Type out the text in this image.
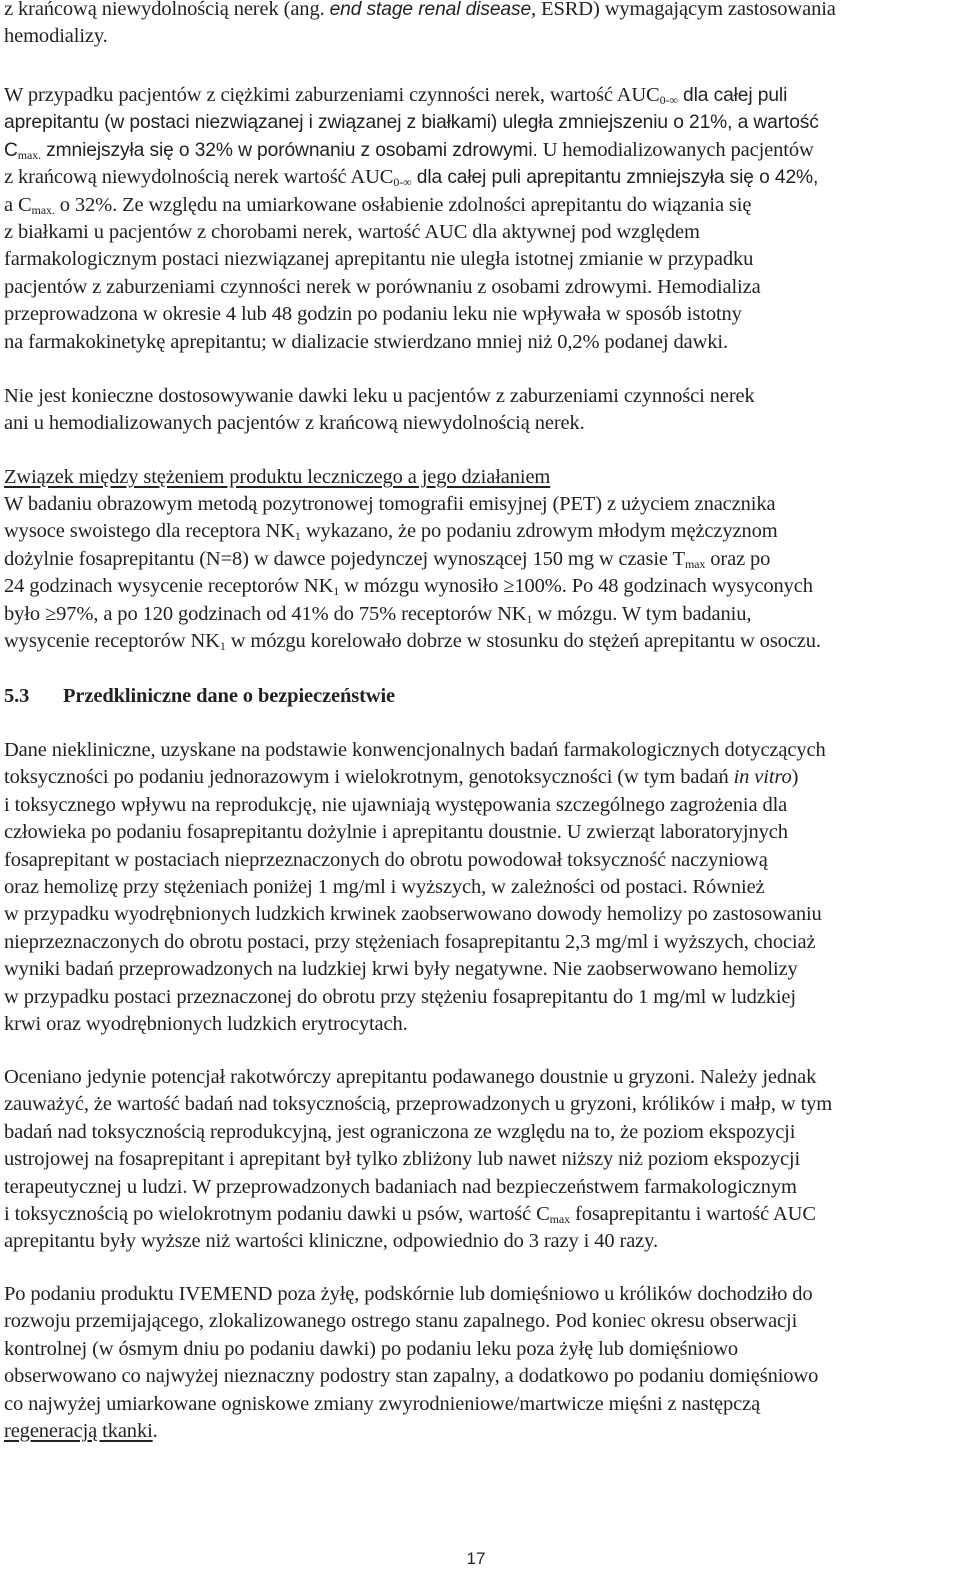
z krańcową niewydolnością nerek (ang. end stage renal disease, ESRD) wymagającym zastosowania
hemodializy.

W przypadku pacjentów z ciężkimi zaburzeniami czynności nerek, wartość $AUC_{0-\infty}$ dla całej puli
aprepitantu (w postaci niezwiązanej i związanej z białkami) uległa zmniejszeniu o 21%, a wartość
$C_{max.}$ zmniejszyła się o 32% w porównaniu z osobami zdrowymi. U hemodializowanych pacjentów
z krańcową niewydolnością nerek wartość $AUC_{0-\infty}$ dla całej puli aprepitantu zmniejszyła się o 42%,
a $C_{max.}$ o 32%. Ze względu na umiarkowane osłabienie zdolności aprepitantu do wiązania się
z białkami u pacjentów z chorobami nerek, wartość AUC dla aktywnej pod względem
farmakologicznym postaci niezwiązanej aprepitantu nie uległa istotnej zmianie w przypadku
pacjentów z zaburzeniami czynności nerek w porównaniu z osobami zdrowymi. Hemodializa
przeprowadzona w okresie 4 lub 48 godzin po podaniu leku nie wpływała w sposób istotny
na farmakokinetykę aprepitantu; w dializacie stwierdzano mniej niż 0,2% podanej dawki.

Nie jest konieczne dostosowywanie dawki leku u pacjentów z zaburzeniami czynności nerek
ani u hemodializowanych pacjentów z krańcową niewydolnością nerek.

Związek między stężeniem produktu leczniczego a jego działaniem

W badaniu obrazowym metodą pozytronowej tomografii emisyjnej (PET) z użyciem znacznika
wysoce swoistego dla receptora $NK_1$ wykazano, że po podaniu zdrowym młodym mężczyznom
dożylnie fosaprepitantu (N=8) w dawce pojedynczej wynoszącej 150 mg w czasie $T_{max}$ oraz po
24 godzinach wysycenie receptorów $NK_1$ w mózgu wynosiło ≥100%. Po 48 godzinach wysyconych
było ≥97%, a po 120 godzinach od 41% do 75% receptorów $NK_1$ w mózgu. W tym badaniu,
wysycenie receptorów $NK_1$ w mózgu korelowało dobrze w stosunku do stężeń aprepitantu w osoczu.

5.3 Przedkliniczne dane o bezpieczeństwie

Dane niekliniczne, uzyskane na podstawie konwencjonalnych badań farmakologicznych dotyczących
toksyczności po podaniu jednorazowym i wielokrotnym, genotoksyczności (w tym badań in vitro)
i toksycznego wpływu na reprodukcję, nie ujawniają występowania szczególnego zagrożenia dla
człowieka po podaniu fosaprepitantu dożylnie i aprepitantu doustnie. U zwierząt laboratoryjnych
fosaprepitant w postaciach nieprzeznaczonych do obrotu powodował toksyczność naczyniową
oraz hemolizę przy stężeniach poniżej 1 mg/ml i wyższych, w zależności od postaci. Również
w przypadku wyodrębnionych ludzkich krwinek zaobserwowano dowody hemolizy po zastosowaniu
nieprzeznaczonych do obrotu postaci, przy stężeniach fosaprepitantu 2,3 mg/ml i wyższych, chociaż
wyniki badań przeprowadzonych na ludzkiej krwi były negatywne. Nie zaobserwowano hemolizy
w przypadku postaci przeznaczonej do obrotu przy stężeniu fosaprepitantu do 1 mg/ml w ludzkiej
krwi oraz wyodrębnionych ludzkich erytrocytach.

Oceniano jedynie potencjał rakotwórczy aprepitantu podawanego doustnie u gryzoni. Należy jednak
zauważyć, że wartość badań nad toksycznością, przeprowadzonych u gryzoni, królików i małp, w tym
badań nad toksycznością reprodukcyjną, jest ograniczona ze względu na to, że poziom ekspozycji
ustrojowej na fosaprepitant i aprepitant był tylko zbliżony lub nawet niższy niż poziom ekspozycji
terapeutycznej u ludzi. W przeprowadzonych badaniach nad bezpieczeństwem farmakologicznym
i toksycznością po wielokrotnym podaniu dawki u psów, wartość $C_{max}$ fosaprepitantu i wartość AUC
aprepitantu były wyższe niż wartości kliniczne, odpowiednio do 3 razy i 40 razy.

Po podaniu produktu IVEMEND poza żyłę, podskórnie lub domięśniowo u królików dochodziło do
rozwoju przemijającego, zlokalizowanego ostrego stanu zapalnego. Pod koniec okresu obserwacji
kontrolnej (w ósmym dniu po podaniu dawki) po podaniu leku poza żyłę lub domięśniowo
obserwowano co najwyżej nieznaczny podostry stan zapalny, a dodatkowo po podaniu domięśniowo
co najwyżej umiarkowane ogniskowe zmiany zwyrodnieniowe/martwicze mięśni z następczą
regeneracją tkanki.

17
